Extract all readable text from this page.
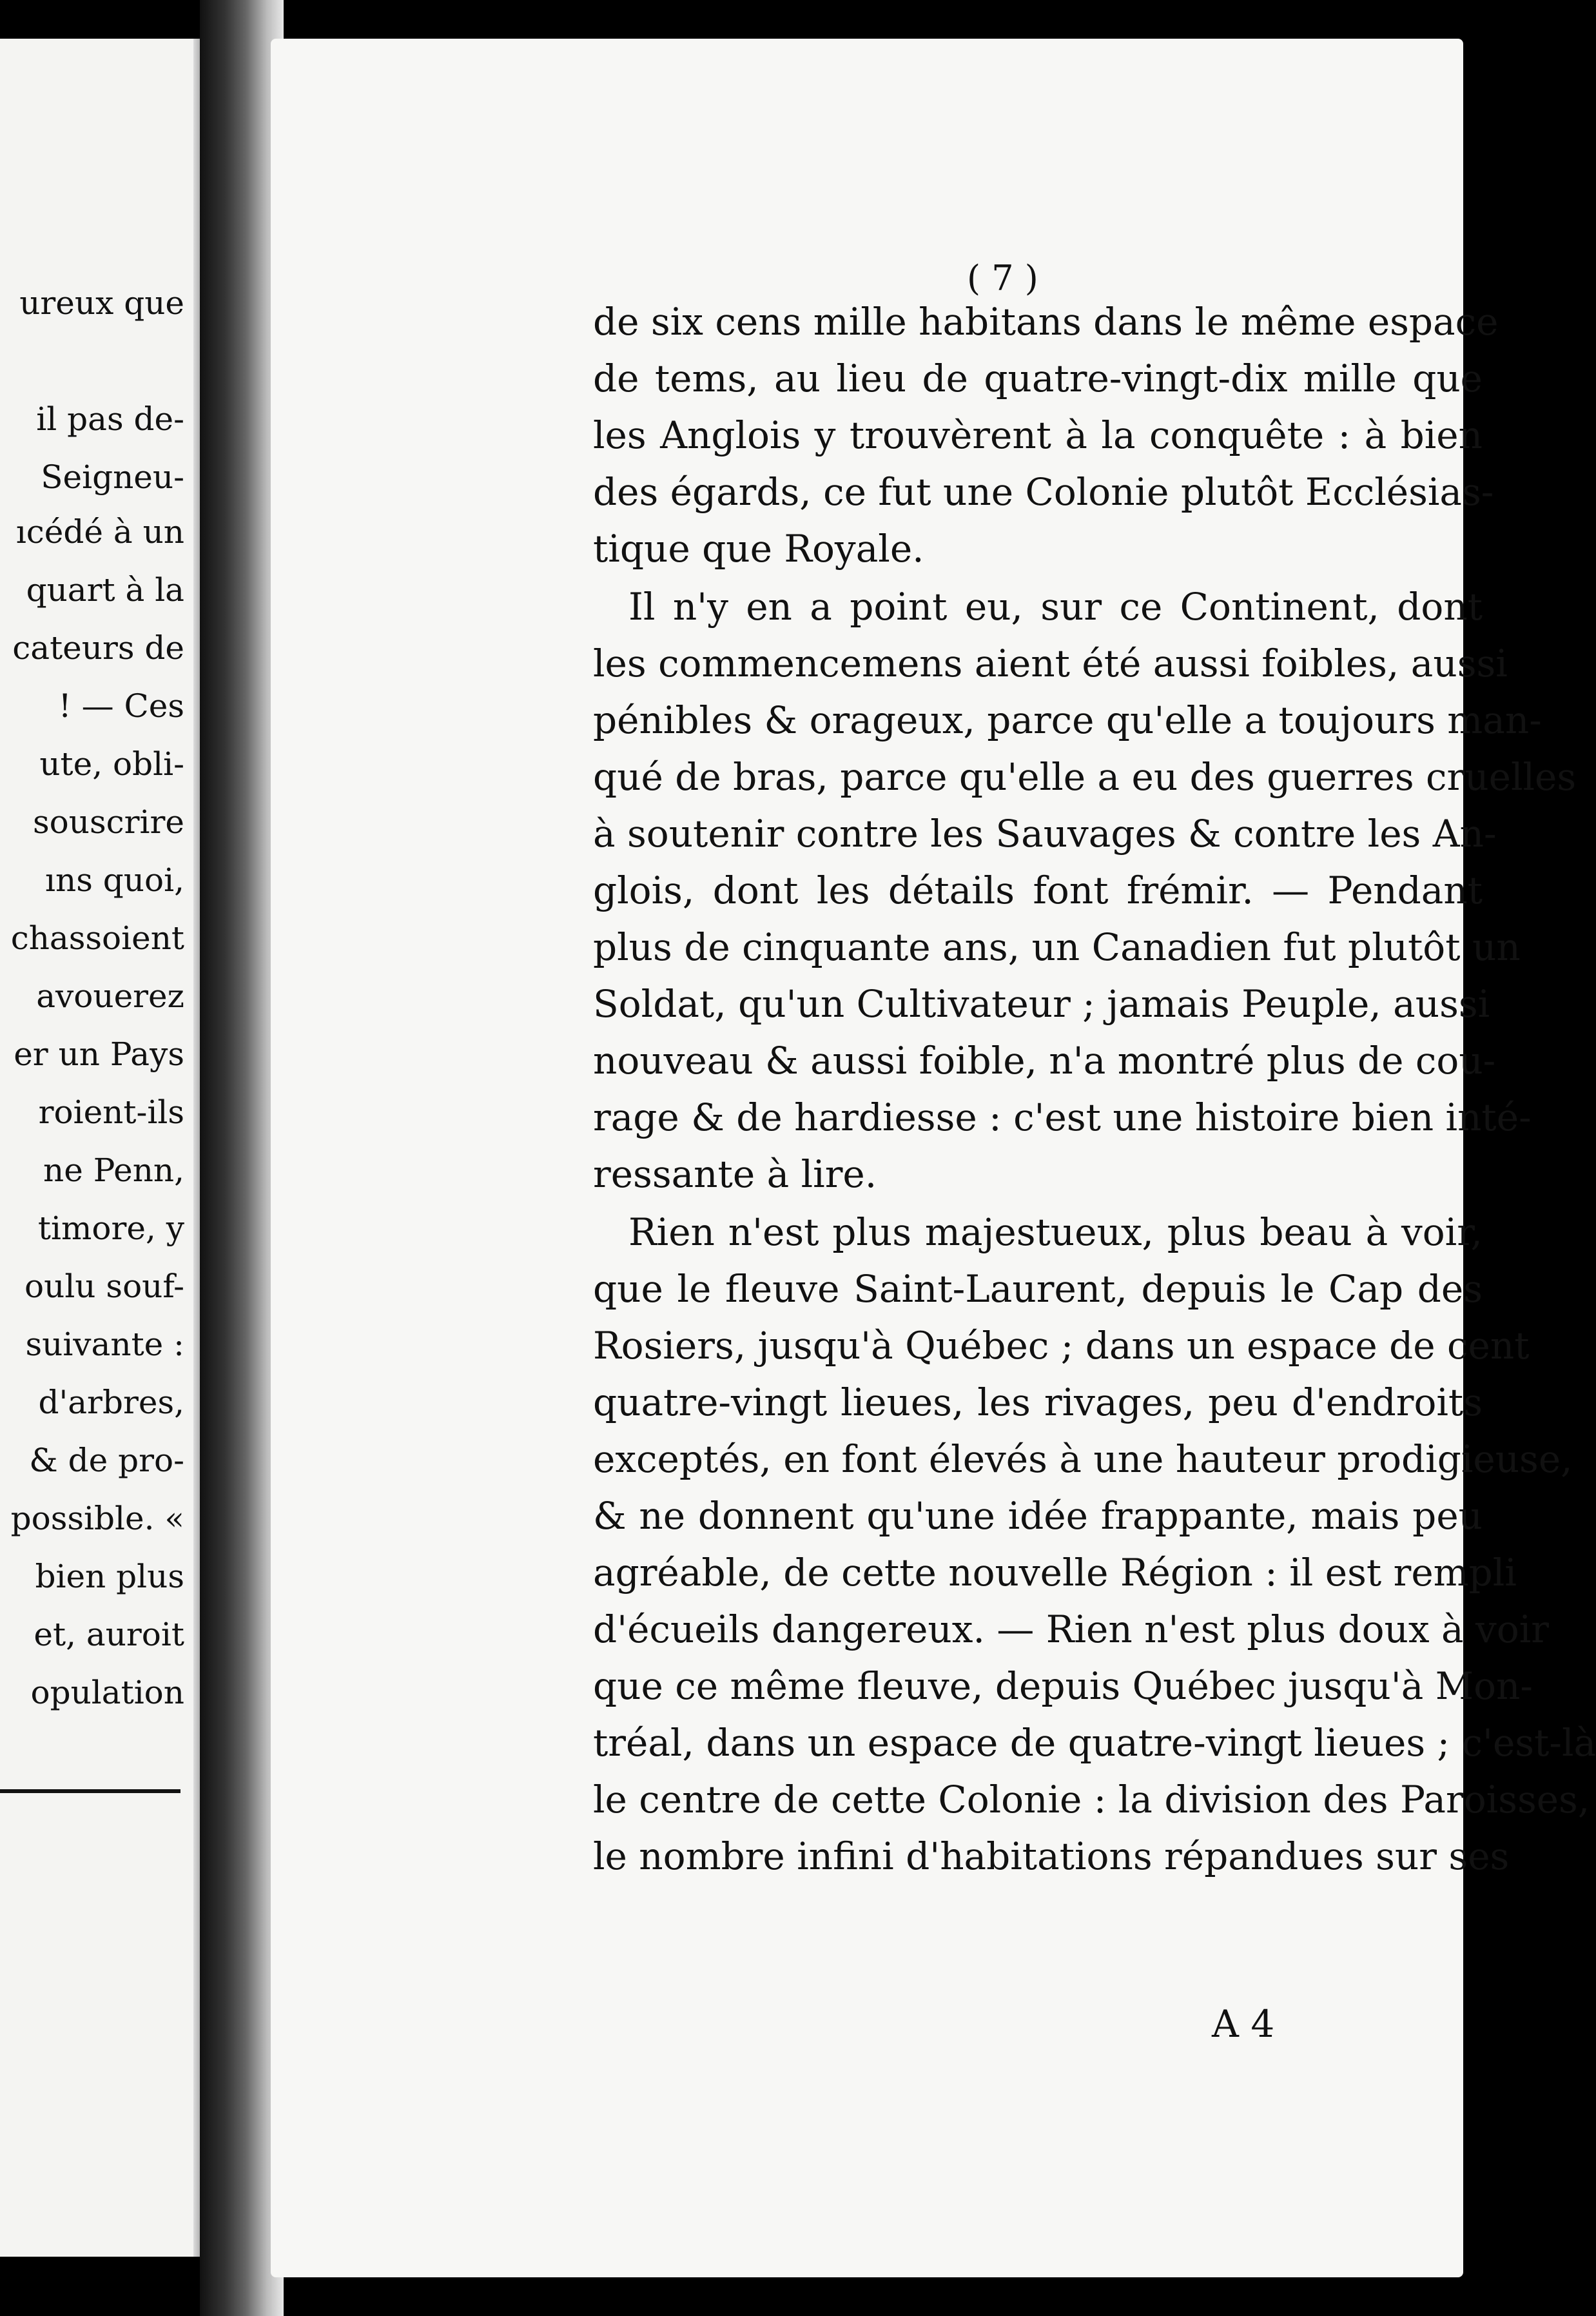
ureux que
il pas de-
Seigneu-
ıcédé à un
quart à la
cateurs de
! — Ces
ute, obli-
souscrire
ıns quoi,
chassoient
avouerez
er un Pays
roient-ils
ne Penn,
timore, y
oulu souf-
suivante :
d'arbres,
& de pro-
possible. «
bien plus
et, auroit
opulation
( 7 )
de six cens mille habitans dans le même espace
de tems, au lieu de quatre-vingt-dix mille que
les Anglois y trouvèrent à la conquête : à bien
des égards, ce fut une Colonie plutôt Ecclésias-
tique que Royale.
Il n'y en a point eu, sur ce Continent, dont
les commencemens aient été aussi foibles, aussi
pénibles & orageux, parce qu'elle a toujours man-
qué de bras, parce qu'elle a eu des guerres cruelles
à soutenir contre les Sauvages & contre les An-
glois, dont les détails font frémir. — Pendant
plus de cinquante ans, un Canadien fut plutôt un
Soldat, qu'un Cultivateur ; jamais Peuple, aussi
nouveau & aussi foible, n'a montré plus de cou-
rage & de hardiesse : c'est une histoire bien inté-
ressante à lire.
Rien n'est plus majestueux, plus beau à voir,
que le fleuve Saint-Laurent, depuis le Cap des
Rosiers, jusqu'à Québec ; dans un espace de cent
quatre-vingt lieues, les rivages, peu d'endroits
exceptés, en font élevés à une hauteur prodigieuse,
& ne donnent qu'une idée frappante, mais peu
agréable, de cette nouvelle Région : il est rempli
d'écueils dangereux. — Rien n'est plus doux à voir
que ce même fleuve, depuis Québec jusqu'à Mon-
tréal, dans un espace de quatre-vingt lieues ; c'est-là
le centre de cette Colonie : la division des Paroisses,
le nombre infini d'habitations répandues sur ses
A 4
